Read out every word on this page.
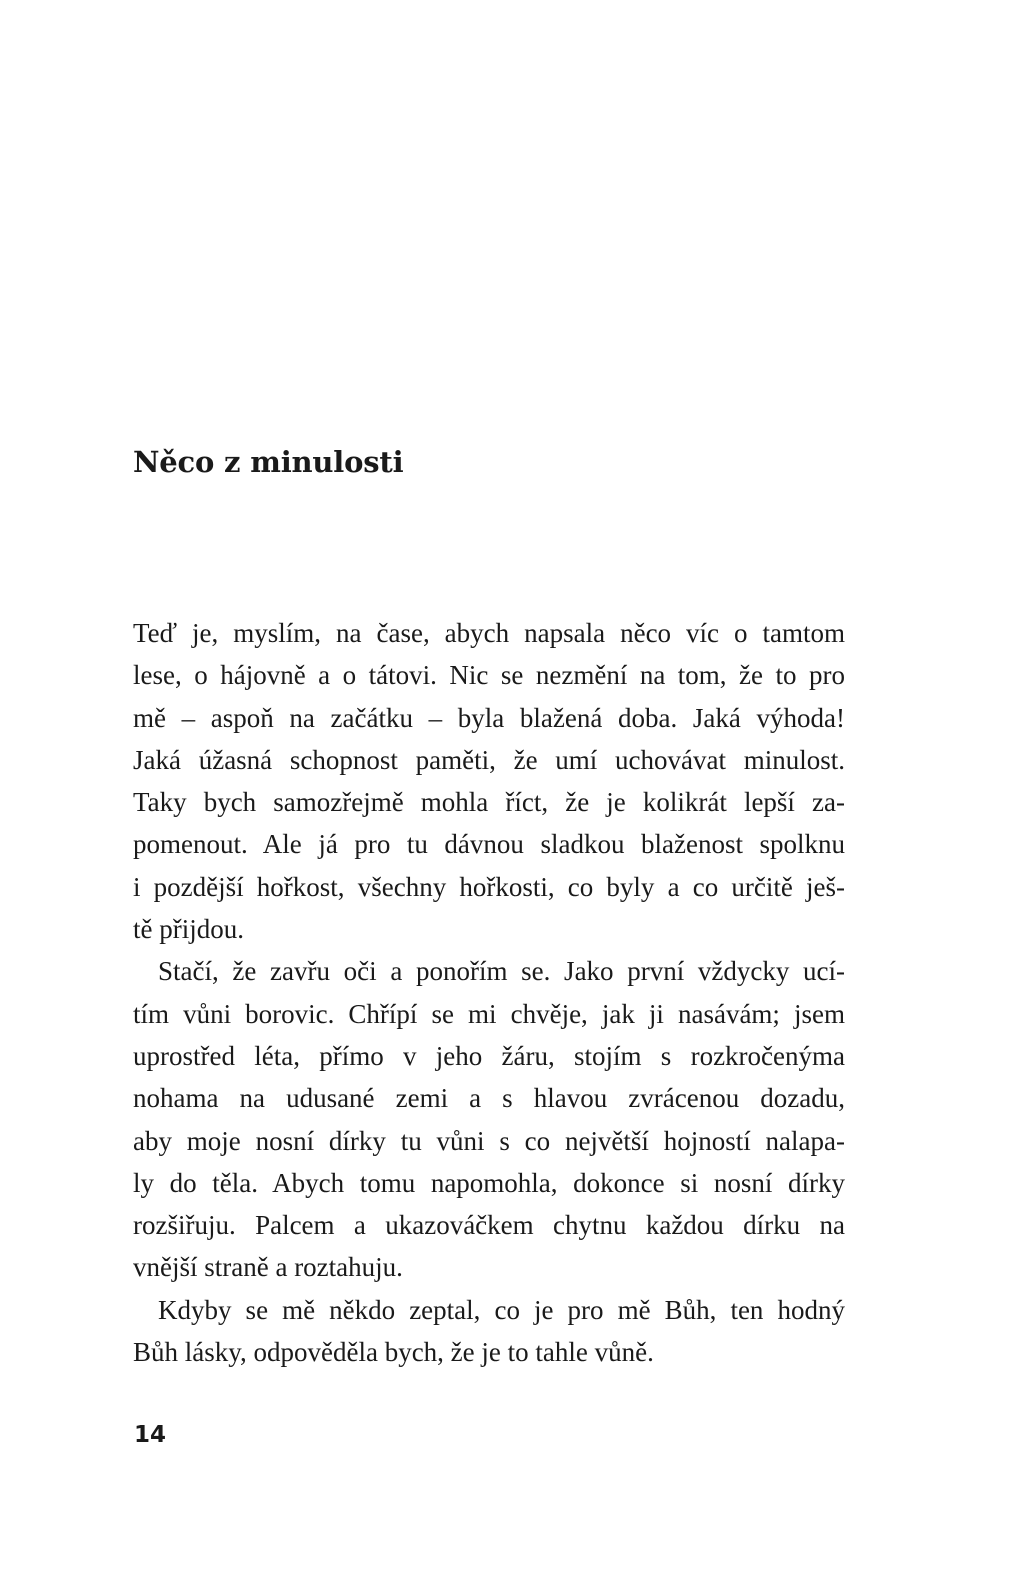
Něco z minulosti
Teď je, myslím, na čase, abych napsala něco víc o tamtom
lese, o hájovně a o tátovi. Nic se nezmění na tom, že to pro
mě – aspoň na začátku – byla blažená doba. Jaká výhoda!
Jaká úžasná schopnost paměti, že umí uchovávat minulost.
Taky bych samozřejmě mohla říct, že je kolikrát lepší za-
pomenout. Ale já pro tu dávnou sladkou blaženost spolknu
i pozdější hořkost, všechny hořkosti, co byly a co určitě ješ-
tě přijdou.
Stačí, že zavřu oči a ponořím se. Jako první vždycky ucí-
tím vůni borovic. Chřípí se mi chvěje, jak ji nasávám; jsem
uprostřed léta, přímo v jeho žáru, stojím s rozkročenýma
nohama na udusané zemi a s hlavou zvrácenou dozadu,
aby moje nosní dírky tu vůni s co největší hojností nalapa-
ly do těla. Abych tomu napomohla, dokonce si nosní dírky
rozšiřuju. Palcem a ukazováčkem chytnu každou dírku na
vnější straně a roztahuju.
Kdyby se mě někdo zeptal, co je pro mě Bůh, ten hodný
Bůh lásky, odpověděla bych, že je to tahle vůně.
14
